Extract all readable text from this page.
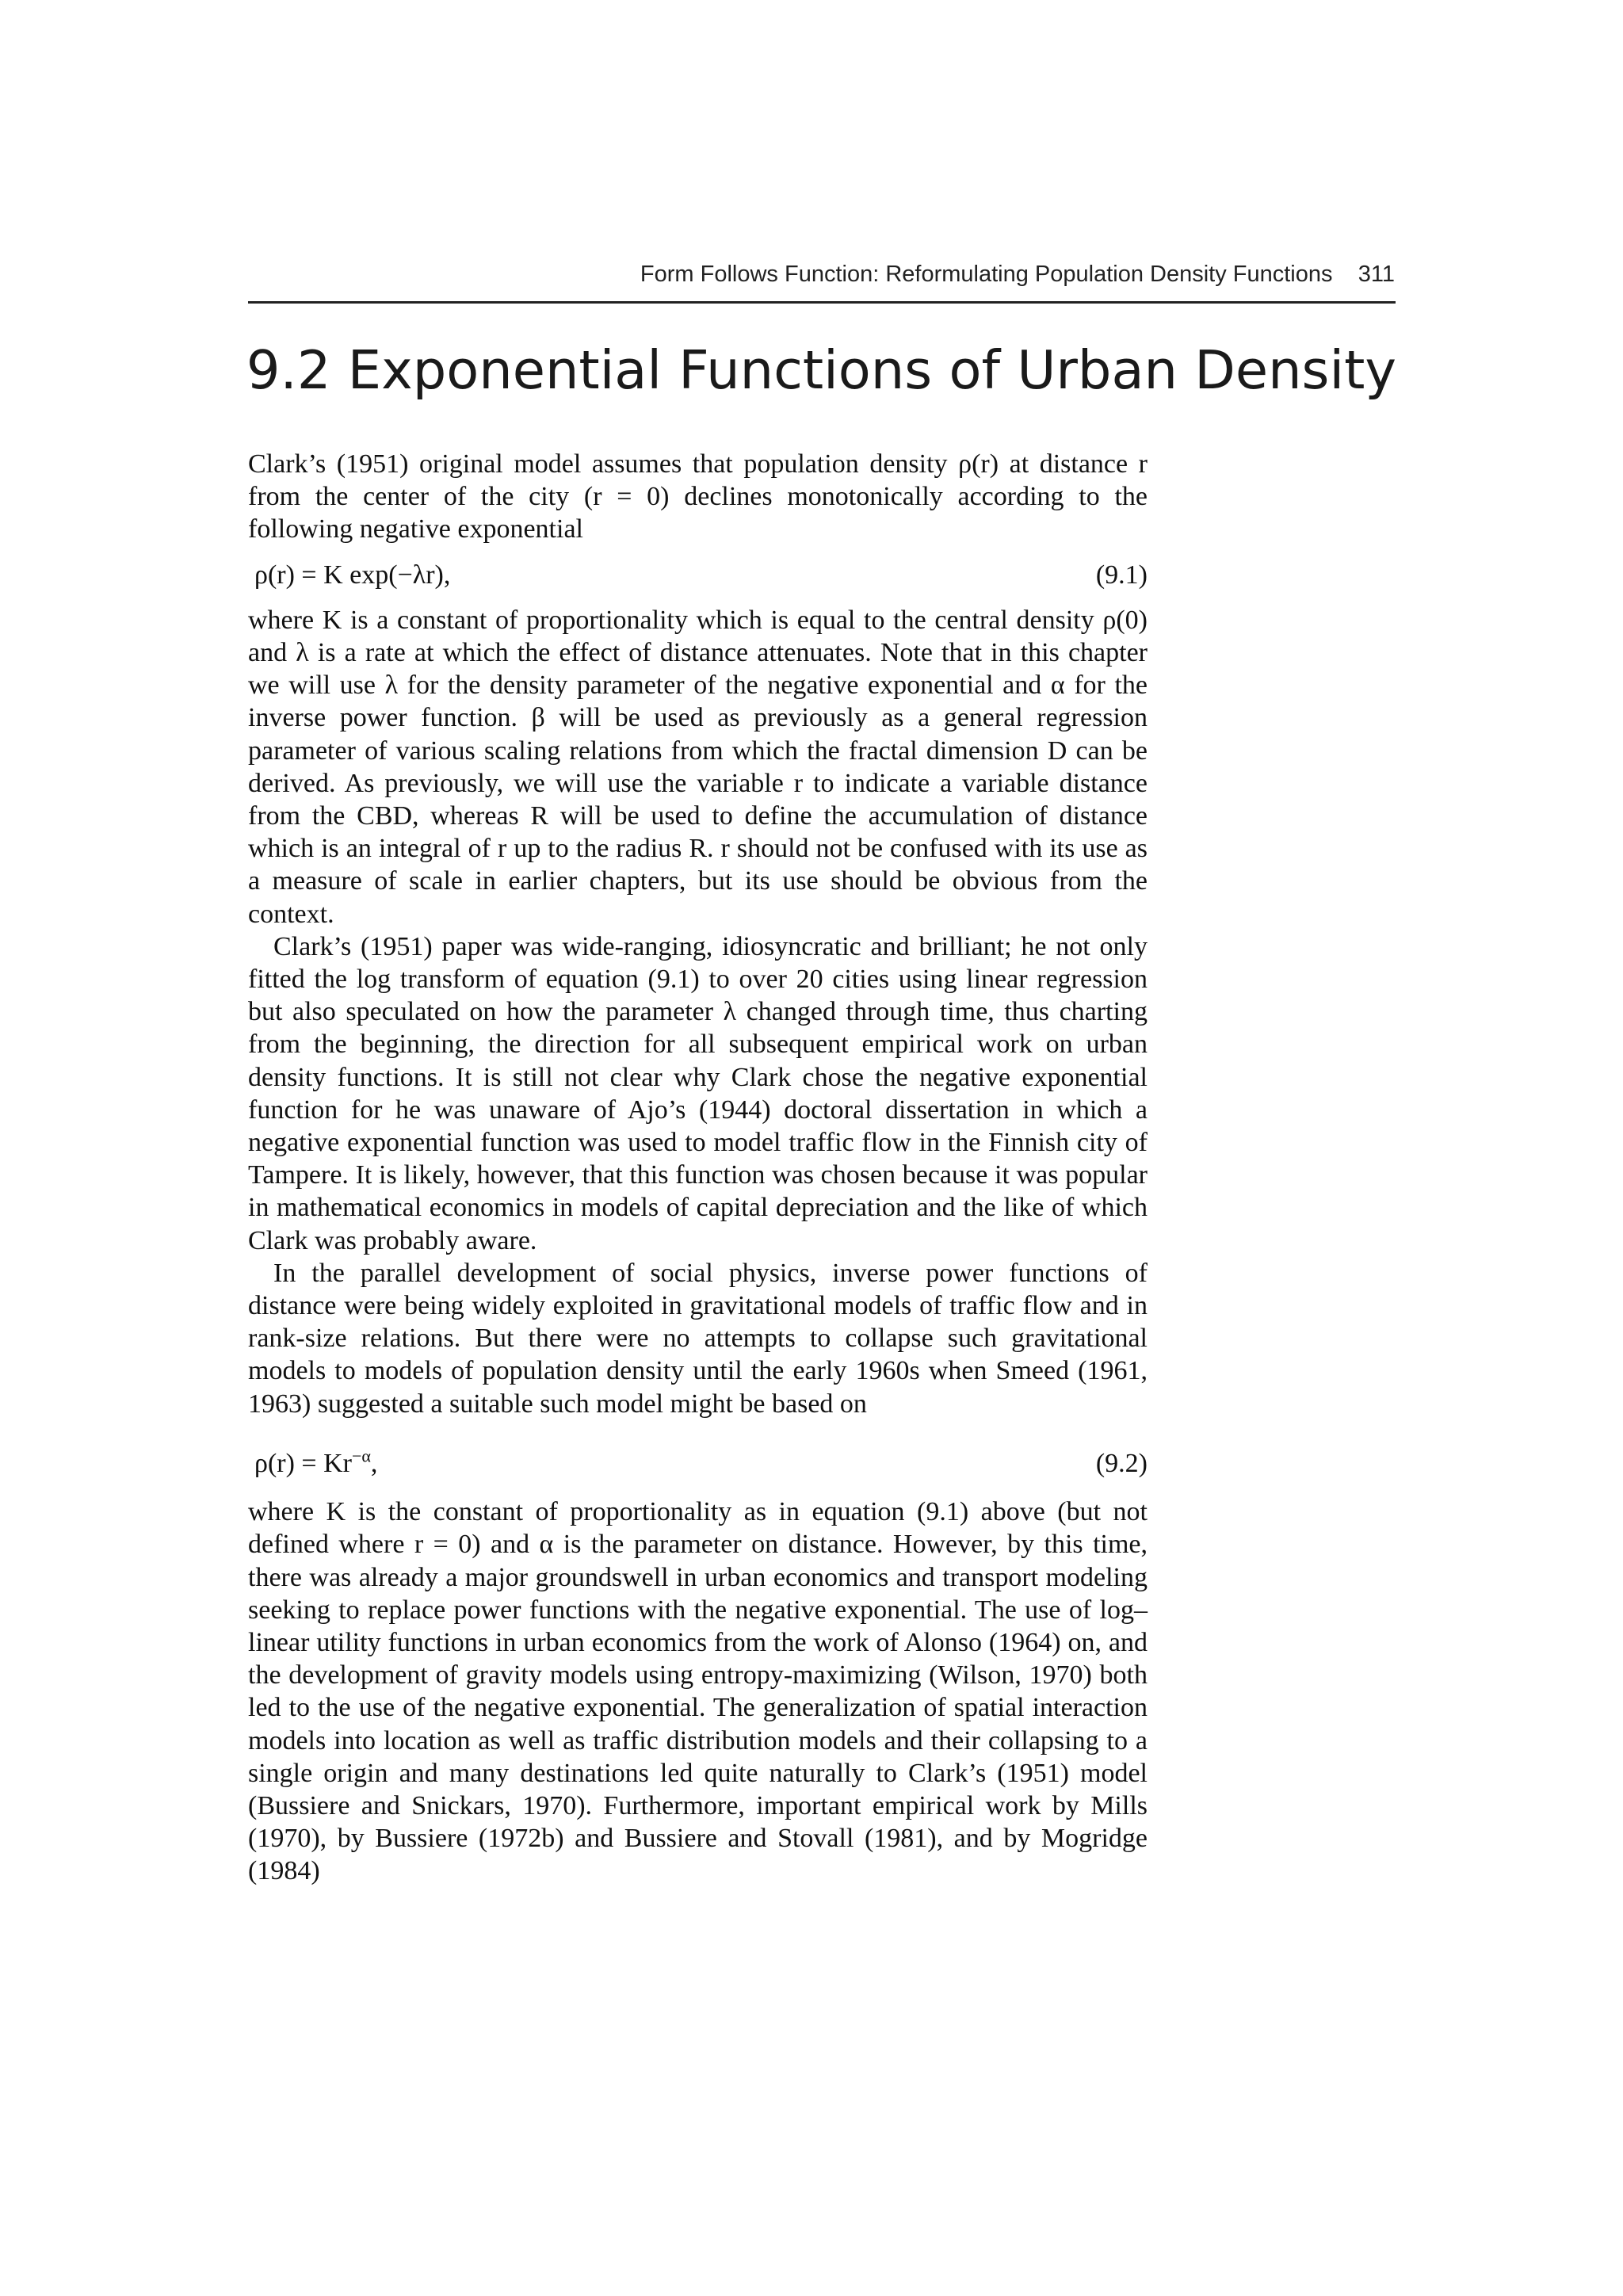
Form Follows Function: Reformulating Population Density Functions 311
9.2 Exponential Functions of Urban Density

Clark’s (1951) original model assumes that population density ρ(r) at distance r from the center of the city (r = 0) declines monotonically according to the following negative exponential

ρ(r) = K exp(−λr),	(9.1)

where K is a constant of proportionality which is equal to the central density ρ(0) and λ is a rate at which the effect of distance attenuates. Note that in this chapter we will use λ for the density parameter of the negative exponential and α for the inverse power function. β will be used as previously as a general regression parameter of various scaling relations from which the fractal dimension D can be derived. As previously, we will use the variable r to indicate a variable distance from the CBD, whereas R will be used to define the accumulation of distance which is an integral of r up to the radius R. r should not be confused with its use as a measure of scale in earlier chapters, but its use should be obvious from the context.

Clark’s (1951) paper was wide-ranging, idiosyncratic and brilliant; he not only fitted the log transform of equation (9.1) to over 20 cities using linear regression but also speculated on how the parameter λ changed through time, thus charting from the beginning, the direction for all subsequent empirical work on urban density functions. It is still not clear why Clark chose the negative exponential function for he was unaware of Ajo’s (1944) doctoral dissertation in which a negative exponential function was used to model traffic flow in the Finnish city of Tampere. It is likely, however, that this function was chosen because it was popular in mathematical economics in models of capital depreciation and the like of which Clark was probably aware.

In the parallel development of social physics, inverse power functions of distance were being widely exploited in gravitational models of traffic flow and in rank-size relations. But there were no attempts to collapse such gravitational models to models of population density until the early 1960s when Smeed (1961, 1963) suggested a suitable such model might be based on

$\rho(r) = Kr^{-\alpha}$,	(9.2)

where K is the constant of proportionality as in equation (9.1) above (but not defined where r = 0) and α is the parameter on distance. However, by this time, there was already a major groundswell in urban economics and transport modeling seeking to replace power functions with the negative exponential. The use of log–linear utility functions in urban economics from the work of Alonso (1964) on, and the development of gravity models using entropy-maximizing (Wilson, 1970) both led to the use of the negative exponential. The generalization of spatial interaction models into location as well as traffic distribution models and their collapsing to a single origin and many destinations led quite naturally to Clark’s (1951) model (Bussiere and Snickars, 1970). Furthermore, important empirical work by Mills (1970), by Bussiere (1972b) and Bussiere and Stovall (1981), and by Mogridge (1984)
